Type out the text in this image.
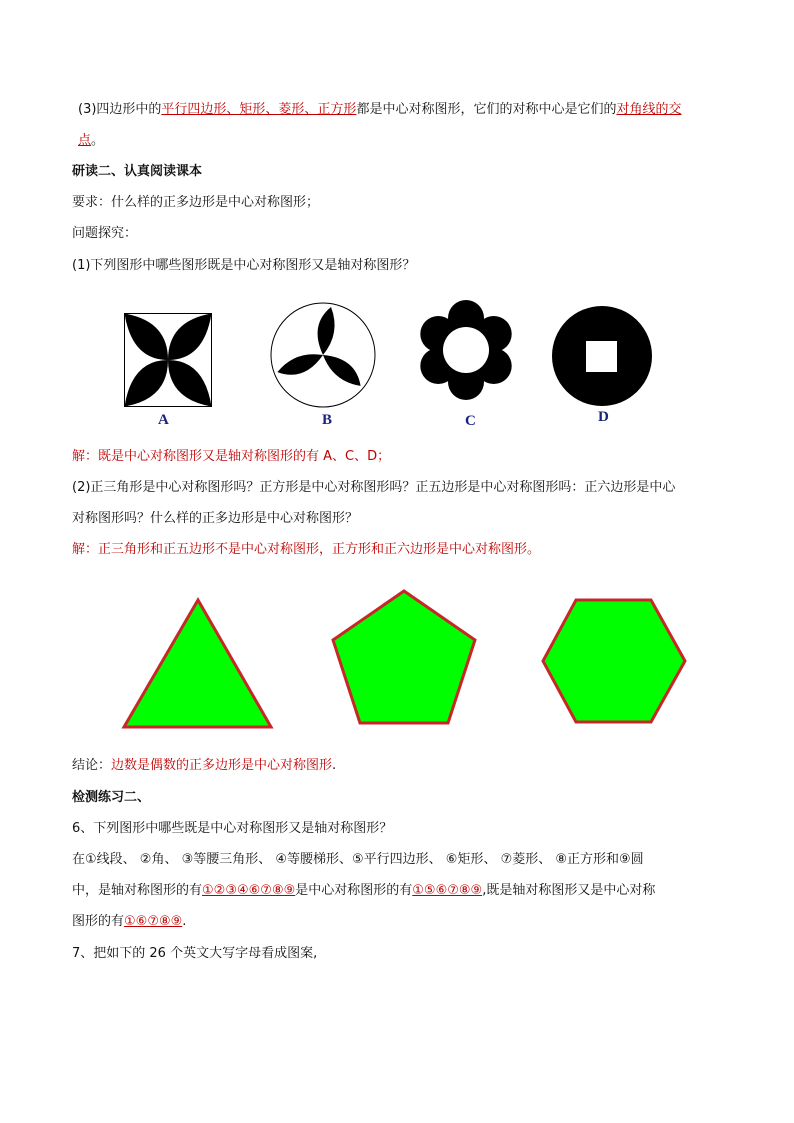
(3)四边形中的平行四边形、矩形、菱形、正方形都是中心对称图形，它们的对称中心是它们的对角线的交
点。
研读二、认真阅读课本
要求：什么样的正多边形是中心对称图形；
问题探究：
(1)下列图形中哪些图形既是中心对称图形又是轴对称图形？
A	B	C	D
解：既是中心对称图形又是轴对称图形的有 A、C、D；
(2)正三角形是中心对称图形吗？正方形是中心对称图形吗？正五边形是中心对称图形吗：正六边形是中心
对称图形吗？什么样的正多边形是中心对称图形？
解：正三角形和正五边形不是中心对称图形，正方形和正六边形是中心对称图形。
结论：边数是偶数的正多边形是中心对称图形.
检测练习二、
6、下列图形中哪些既是中心对称图形又是轴对称图形？
在①线段、 ②角、 ③等腰三角形、 ④等腰梯形、⑤平行四边形、 ⑥矩形、 ⑦菱形、 ⑧正方形和⑨圆
中，是轴对称图形的有①②③④⑥⑦⑧⑨是中心对称图形的有①⑤⑥⑦⑧⑨,既是轴对称图形又是中心对称
图形的有①⑥⑦⑧⑨.
7、把如下的 26 个英文大写字母看成图案,
